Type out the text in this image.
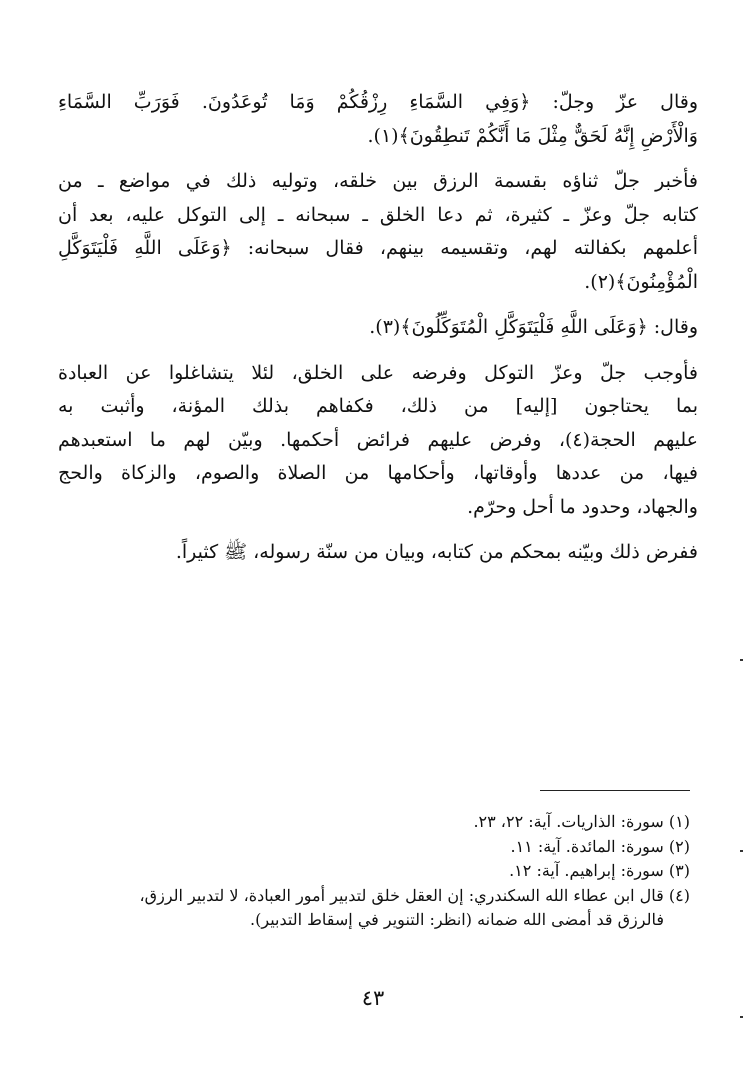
وقال عزّ وجلّ: ﴿وَفِي السَّمَاءِ رِزْقُكُمْ وَمَا تُوعَدُونَ. فَوَرَبِّ السَّمَاءِ
وَالْأَرْضِ إِنَّهُ لَحَقٌّ مِثْلَ مَا أَنَّكُمْ تَنطِقُونَ﴾(١).

فأخبر جلّ ثناؤه بقسمة الرزق بين خلقه، وتوليه ذلك في مواضع ـ من
كتابه جلّ وعزّ ـ كثيرة، ثم دعا الخلق ـ سبحانه ـ إلى التوكل عليه، بعد أن
أعلمهم بكفالته لهم، وتقسيمه بينهم، فقال سبحانه: ﴿وَعَلَى اللَّهِ فَلْيَتَوَكَّلِ
الْمُؤْمِنُونَ﴾(٢).

وقال: ﴿وَعَلَى اللَّهِ فَلْيَتَوَكَّلِ الْمُتَوَكِّلُونَ﴾(٣).

فأوجب جلّ وعزّ التوكل وفرضه على الخلق، لئلا يتشاغلوا عن العبادة
بما يحتاجون [إليه] من ذلك، فكفاهم بذلك المؤنة، وأثبت به
عليهم الحجة(٤)، وفرض عليهم فرائض أحكمها. وبيّن لهم ما استعبدهم
فيها، من عددها وأوقاتها، وأحكامها من الصلاة والصوم، والزكاة والحج
والجهاد، وحدود ما أحل وحرّم.

ففرض ذلك وبيّنه بمحكم من كتابه، وبيان من سنّة رسوله، ﷺ كثيراً.

(١) سورة: الذاريات. آية: ٢٢، ٢٣.
(٢) سورة: المائدة. آية: ١١.
(٣) سورة: إبراهيم. آية: ١٢.
(٤) قال ابن عطاء الله السكندري: إن العقل خلق لتدبير أمور العبادة، لا لتدبير الرزق،
فالرزق قد أمضى الله ضمانه (انظر: التنوير في إسقاط التدبير).
٤٣
